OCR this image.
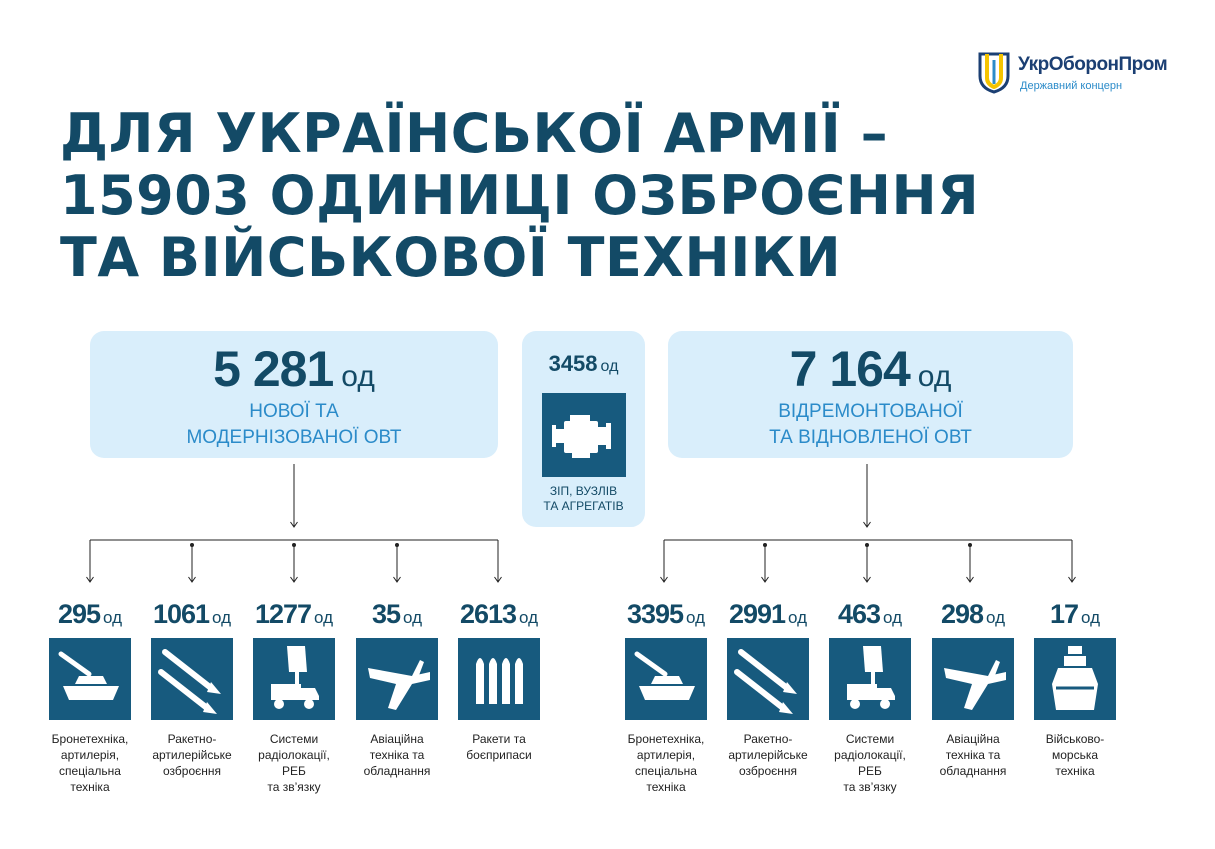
УкрОборонПром
Державний концерн
ДЛЯ УКРАЇНСЬКОЇ АРМІЇ –
15903 ОДИНИЦІ ОЗБРОЄННЯ
ТА ВІЙСЬКОВОЇ ТЕХНІКИ
5 281 од
НОВОЇ ТА
МОДЕРНІЗОВАНОЇ ОВТ
3458 од
ЗІП, ВУЗЛІВ
ТА АГРЕГАТІВ
7 164 од
ВІДРЕМОНТОВАНОЇ
ТА ВІДНОВЛЕНОЇ ОВТ
295 од
Бронетехніка,
артилерія,
спеціальна
техніка
1061 од
Ракетно-
артилерійське
озброєння
1277 од
Системи
радіолокації,
РЕБ
та зв’язку
35 од
Авіаційна
техніка та
обладнання
2613 од
Ракети та
боєприпаси
3395 од
Бронетехніка,
артилерія,
спеціальна
техніка
2991 од
Ракетно-
артилерійське
озброєння
463 од
Системи
радіолокації,
РЕБ
та зв’язку
298 од
Авіаційна
техніка та
обладнання
17 од
Військово-
морська
техніка
